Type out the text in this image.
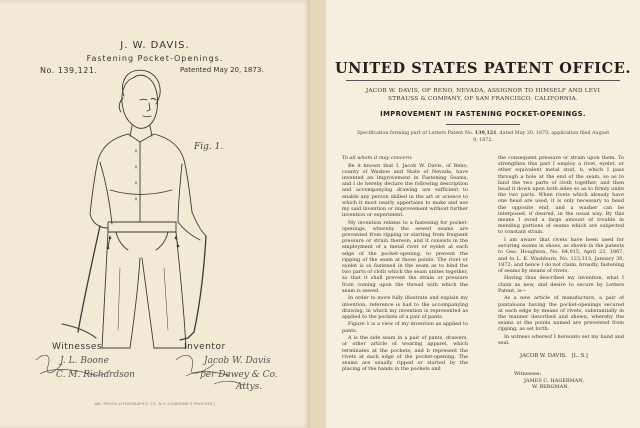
J. W. DAVIS.
Fastening Pocket-Openings.
No. 139,121.	Patented May 20, 1873.
Fig. 1.
Witnesses	Inventor
J. L. Boone
C. M. Richardson
Jacob W. Davis
per Dewey & Co.
Attys.
AM. PHOTO-LITHOGRAPHIC CO. N.Y. (OSBORNE'S PROCESS.)
UNITED STATES PATENT OFFICE.
JACOB W. DAVIS, OF RENO, NEVADA, ASSIGNOR TO HIMSELF AND LEVI STRAUSS & COMPANY, OF SAN FRANCISCO, CALIFORNIA.
IMPROVEMENT IN FASTENING POCKET-OPENINGS.
Specification forming part of Letters Patent No. 139,121, dated May 20, 1873; application filed August 9, 1872.

To all whom it may concern:

Be it known that I, Jacob W. Davis, of Reno, county of Washoe and State of Nevada, have invented an Improvement in Fastening Seams; and I do hereby declare the following description and accompanying drawing are sufficient to enable any person skilled in the art or science to which it most nearly appertains to make and use my said invention or improvement without further invention or experiment.

My invention relates to a fastening for pocket-openings, whereby the sewed seams are prevented from ripping or starting from frequent pressure or strain thereon; and it consists in the employment of a metal rivet or eyelet at each edge of the pocket-opening, to prevent the ripping of the seam at those points. The rivet or eyelet is so fastened in the seam as to bind the two parts of cloth which the seam unites together, so that it shall prevent the strain or pressure from coming upon the thread with which the seam is sewed.

In order to more fully illustrate and explain my invention, reference is had to the accompanying drawing, in which my invention is represented as applied to the pockets of a pair of pants.

Figure 1 is a view of my invention as applied to pants.

A is the side seam in a pair of pants, drawers, or other article of wearing apparel, which terminates at the pockets; and b represent the rivets at each edge of the pocket-opening. The seams are usually ripped or started by the placing of the hands in the pockets and

the consequent pressure or strain upon them. To strengthen this part I employ a rivet, eyelet, or other equivalent metal stud, b, which I pass through a hole at the end of the seam, so as to bind the two parts of cloth together, and then head it down upon both sides so as to firmly unite the two parts. When rivets which already have one head are used, it is only necessary to head the opposite end, and a washer can be interposed, if desired, in the usual way. By this means I avoid a large amount of trouble in mending portions of seams which are subjected to constant strain.

I am aware that rivets have been used for securing seams in shoes, as shown in the patents to Geo. Houghton, No. 64,015, April 23, 1867, and to L. K. Washburn, No. 123,313, January 30, 1872; and hence I do not claim, broadly, fastening of seams by means of rivets.

Having thus described my invention, what I claim as new, and desire to secure by Letters Patent, is—

As a new article of manufacture, a pair of pantaloons having the pocket-openings secured at each edge by means of rivets, substantially in the manner described and shown, whereby the seams at the points named are prevented from ripping, as set forth.

In witness whereof I hereunto set my hand and seal.

JACOB W. DAVIS. [L. S.]
Witnesses:
JAMES C. HAGERMAN,
W. BERGMAN.
